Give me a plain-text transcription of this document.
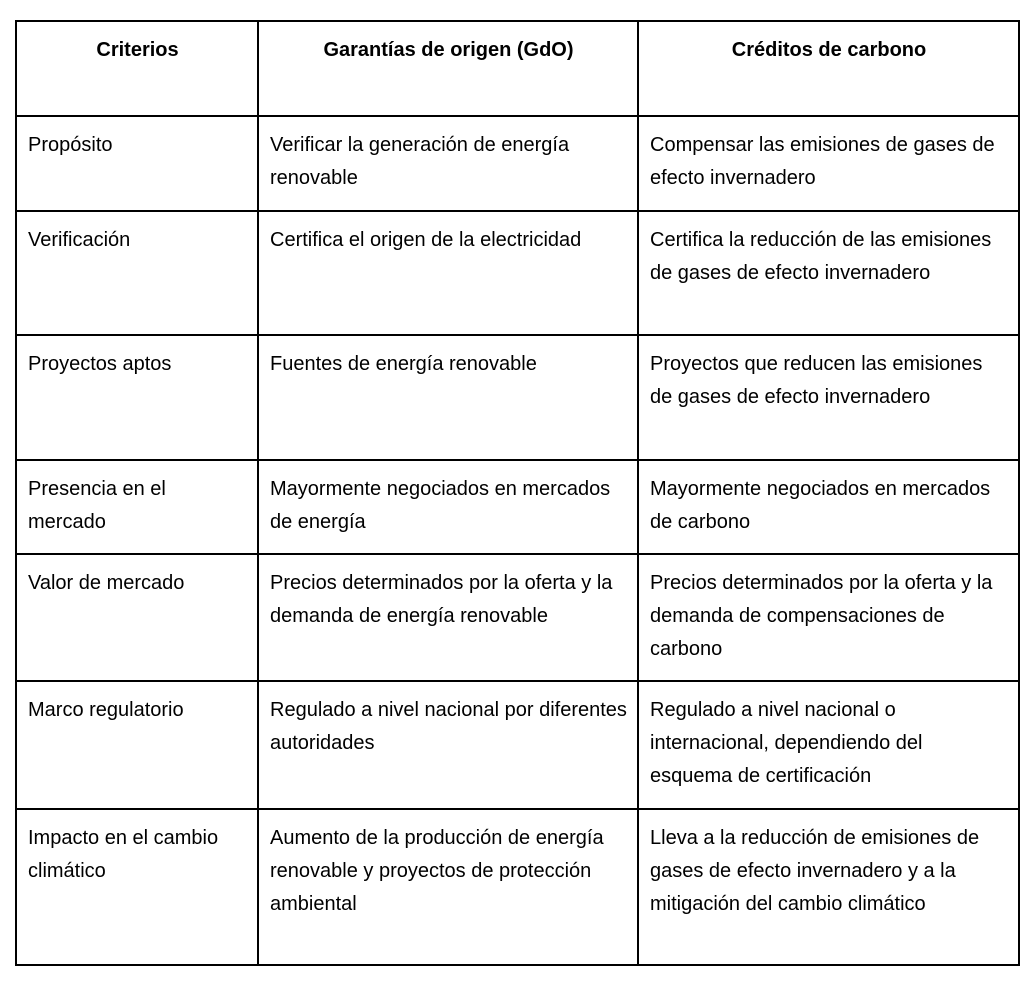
Criterios	Garantías de origen (GdO)	Créditos de carbono
Propósito	Verificar la generación de energía renovable	Compensar las emisiones de gases de efecto invernadero
Verificación	Certifica el origen de la electricidad	Certifica la reducción de las emisiones de gases de efecto invernadero
Proyectos aptos	Fuentes de energía renovable	Proyectos que reducen las emisiones de gases de efecto invernadero
Presencia en el mercado	Mayormente negociados en mercados de energía	Mayormente negociados en mercados de carbono
Valor de mercado	Precios determinados por la oferta y la demanda de energía renovable	Precios determinados por la oferta y la demanda de compensaciones de carbono
Marco regulatorio	Regulado a nivel nacional por diferentes autoridades	Regulado a nivel nacional o internacional, dependiendo del esquema de certificación
Impacto en el cambio climático	Aumento de la producción de energía renovable y proyectos de protección ambiental	Lleva a la reducción de emisiones de gases de efecto invernadero y a la mitigación del cambio climático
